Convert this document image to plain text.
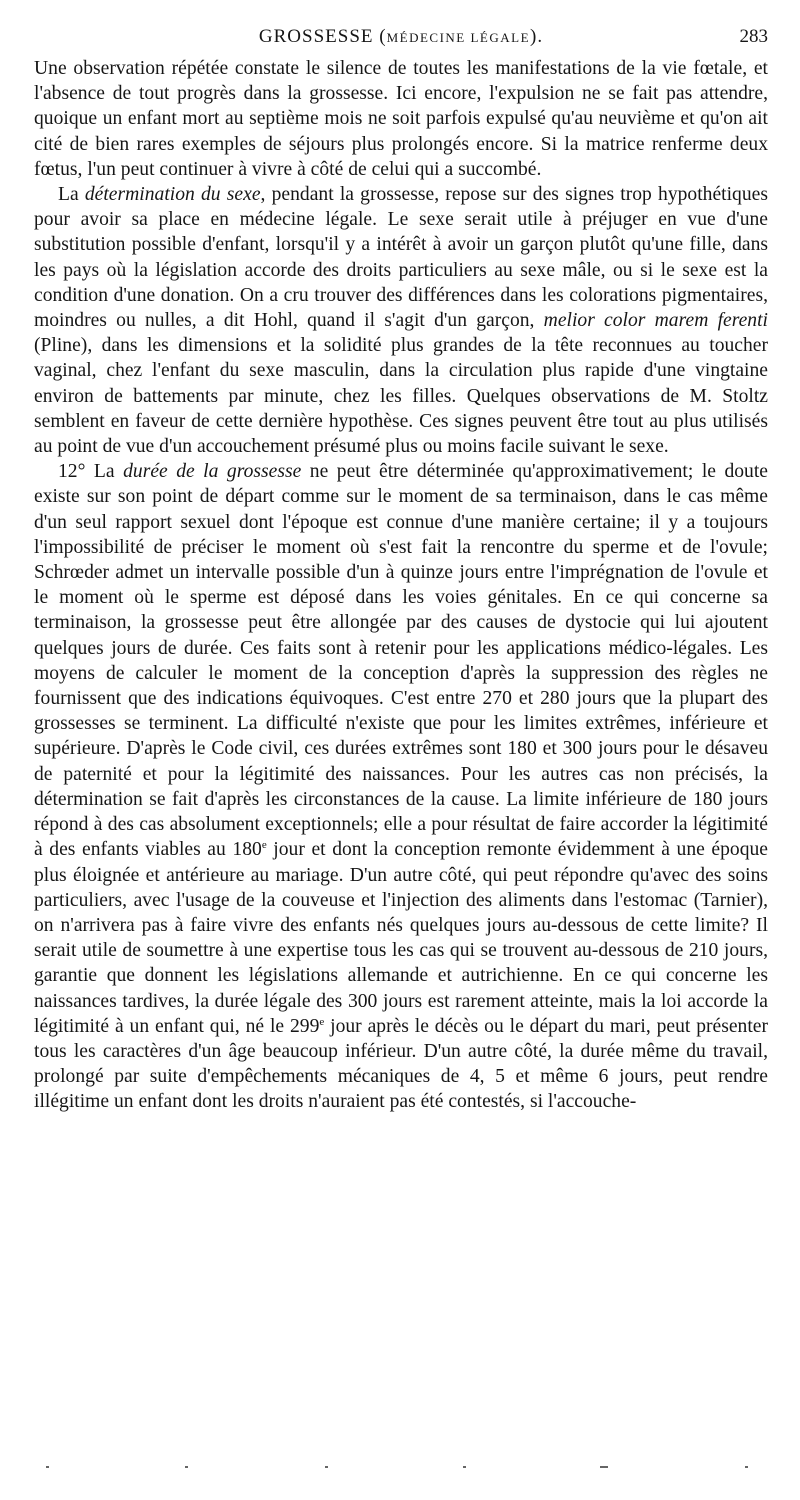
GROSSESSE (MÉDECINE LÉGALE).	283

Une observation répétée constate le silence de toutes les manifestations de la vie fœtale, et l'absence de tout progrès dans la grossesse. Ici encore, l'expulsion ne se fait pas attendre, quoique un enfant mort au septième mois ne soit parfois expulsé qu'au neuvième et qu'on ait cité de bien rares exemples de séjours plus prolongés encore. Si la matrice renferme deux fœtus, l'un peut continuer à vivre à côté de celui qui a succombé.

La détermination du sexe, pendant la grossesse, repose sur des signes trop hypothétiques pour avoir sa place en médecine légale. Le sexe serait utile à préjuger en vue d'une substitution possible d'enfant, lorsqu'il y a intérêt à avoir un garçon plutôt qu'une fille, dans les pays où la législation accorde des droits particuliers au sexe mâle, ou si le sexe est la condition d'une donation. On a cru trouver des différences dans les colorations pigmentaires, moindres ou nulles, a dit Hohl, quand il s'agit d'un garçon, melior color marem ferenti (Pline), dans les dimensions et la solidité plus grandes de la tête reconnues au toucher vaginal, chez l'enfant du sexe masculin, dans la circulation plus rapide d'une vingtaine environ de battements par minute, chez les filles. Quelques observations de M. Stoltz semblent en faveur de cette dernière hypothèse. Ces signes peuvent être tout au plus utilisés au point de vue d'un accouchement présumé plus ou moins facile suivant le sexe.

12° La durée de la grossesse ne peut être déterminée qu'approximativement; le doute existe sur son point de départ comme sur le moment de sa terminaison, dans le cas même d'un seul rapport sexuel dont l'époque est connue d'une manière certaine; il y a toujours l'impossibilité de préciser le moment où s'est fait la rencontre du sperme et de l'ovule; Schrœder admet un intervalle possible d'un à quinze jours entre l'imprégnation de l'ovule et le moment où le sperme est déposé dans les voies génitales. En ce qui concerne sa terminaison, la grossesse peut être allongée par des causes de dystocie qui lui ajoutent quelques jours de durée. Ces faits sont à retenir pour les applications médico-légales. Les moyens de calculer le moment de la conception d'après la suppression des règles ne fournissent que des indications équivoques. C'est entre 270 et 280 jours que la plupart des grossesses se terminent. La difficulté n'existe que pour les limites extrêmes, inférieure et supérieure. D'après le Code civil, ces durées extrêmes sont 180 et 300 jours pour le désaveu de paternité et pour la légitimité des naissances. Pour les autres cas non précisés, la détermination se fait d'après les circonstances de la cause. La limite inférieure de 180 jours répond à des cas absolument exceptionnels; elle a pour résultat de faire accorder la légitimité à des enfants viables au 180e jour et dont la conception remonte évidemment à une époque plus éloignée et antérieure au mariage. D'un autre côté, qui peut répondre qu'avec des soins particuliers, avec l'usage de la couveuse et l'injection des aliments dans l'estomac (Tarnier), on n'arrivera pas à faire vivre des enfants nés quelques jours au-dessous de cette limite? Il serait utile de soumettre à une expertise tous les cas qui se trouvent au-dessous de 210 jours, garantie que donnent les législations allemande et autrichienne. En ce qui concerne les naissances tardives, la durée légale des 300 jours est rarement atteinte, mais la loi accorde la légitimité à un enfant qui, né le 299e jour après le décès ou le départ du mari, peut présenter tous les caractères d'un âge beaucoup inférieur. D'un autre côté, la durée même du travail, prolongé par suite d'empêchements mécaniques de 4, 5 et même 6 jours, peut rendre illégitime un enfant dont les droits n'auraient pas été contestés, si l'accouche-
